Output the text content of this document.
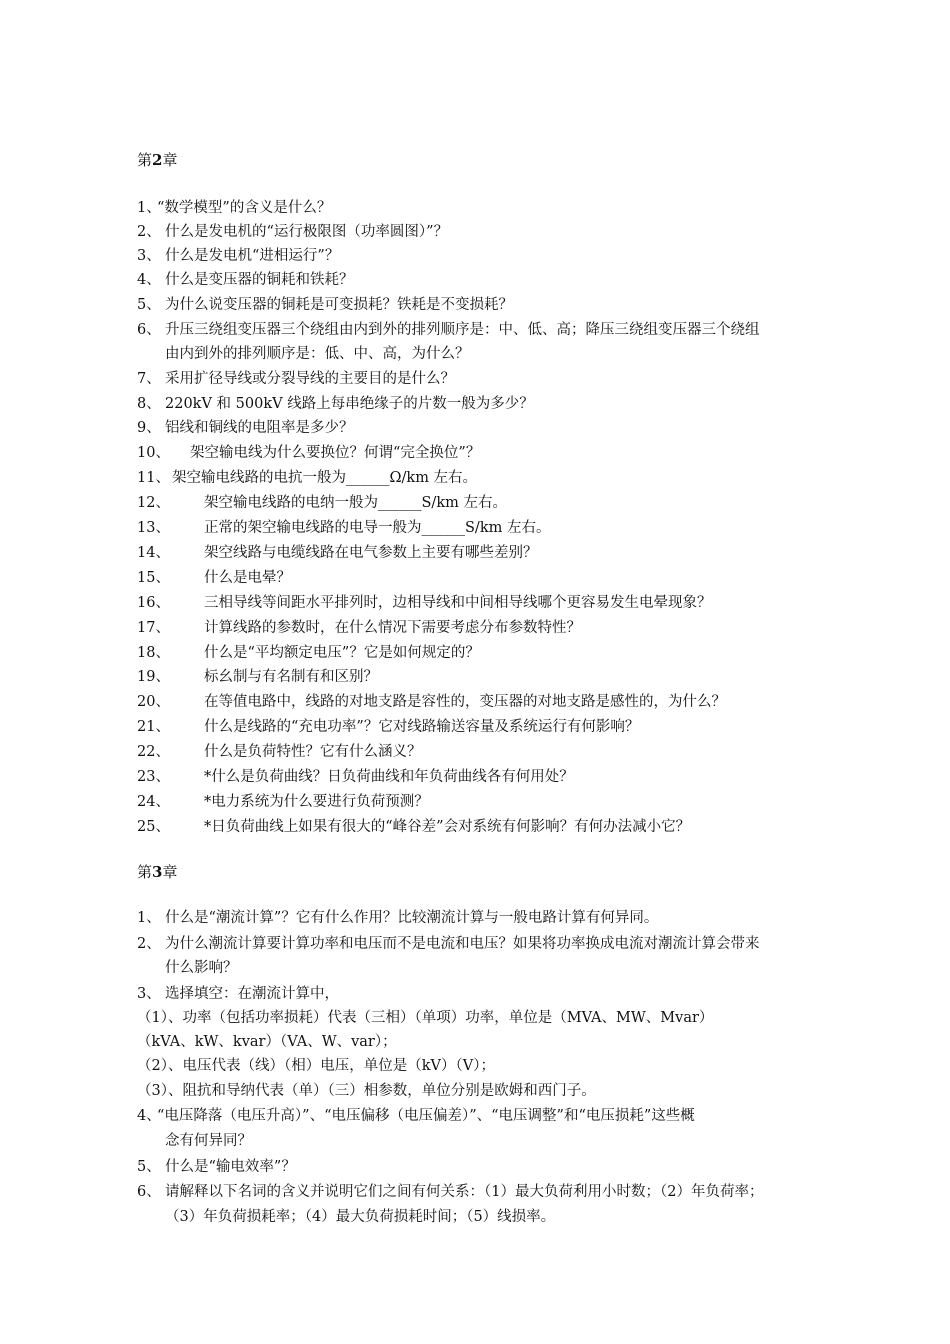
第2章
1、
“数学模型”的含义是什么？
2、 什么是发电机的“运行极限图（功率圆图）”？
3、 什么是发电机“进相运行”？
4、 什么是变压器的铜耗和铁耗？
5、 为什么说变压器的铜耗是可变损耗？铁耗是不变损耗？
6、 升压三绕组变压器三个绕组由内到外的排列顺序是：中、低、高；降压三绕组变压器三个绕组
由内到外的排列顺序是：低、中、高，为什么？
7、 采用扩径导线或分裂导线的主要目的是什么？
8、 220kV 和 500kV 线路上每串绝缘子的片数一般为多少？
9、 铝线和铜线的电阻率是多少？
10、 架空输电线为什么要换位？何谓“完全换位”？
11、 架空输电线路的电抗一般为______Ω/km 左右。
12、 架空输电线路的电纳一般为______S/km 左右。
13、 正常的架空输电线路的电导一般为______S/km 左右。
14、 架空线路与电缆线路在电气参数上主要有哪些差别？
15、 什么是电晕？
16、 三相导线等间距水平排列时，边相导线和中间相导线哪个更容易发生电晕现象？
17、 计算线路的参数时，在什么情况下需要考虑分布参数特性？
18、 什么是“平均额定电压”？它是如何规定的？
19、 标幺制与有名制有和区别？
20、 在等值电路中，线路的对地支路是容性的，变压器的对地支路是感性的，为什么？
21、 什么是线路的“充电功率”？它对线路输送容量及系统运行有何影响？
22、 什么是负荷特性？它有什么涵义？
23、 *什么是负荷曲线？日负荷曲线和年负荷曲线各有何用处？
24、 *电力系统为什么要进行负荷预测？
25、 *日负荷曲线上如果有很大的“峰谷差”会对系统有何影响？有何办法减小它？
第3章
1、 什么是“潮流计算”？它有什么作用？比较潮流计算与一般电路计算有何异同。
2、 为什么潮流计算要计算功率和电压而不是电流和电压？如果将功率换成电流对潮流计算会带来
什么影响？
3、 选择填空：在潮流计算中，
（1）、功率（包括功率损耗）代表（三相）（单项）功率，单位是（MVA、MW、Mvar）
（kVA、kW、kvar）（VA、W、var）；
（2）、电压代表（线）（相）电压，单位是（kV）（V）；
（3）、阻抗和导纳代表（单）（三）相参数，单位分别是欧姆和西门子。
4、
“电压降落（电压升高）”、“电压偏移（电压偏差）”、“电压调整”和“电压损耗”这些概
念有何异同？
5、 什么是“输电效率”？
6、 请解释以下名词的含义并说明它们之间有何关系：（1）最大负荷利用小时数；（2）年负荷率；
（3）年负荷损耗率；（4）最大负荷损耗时间；（5）线损率。
